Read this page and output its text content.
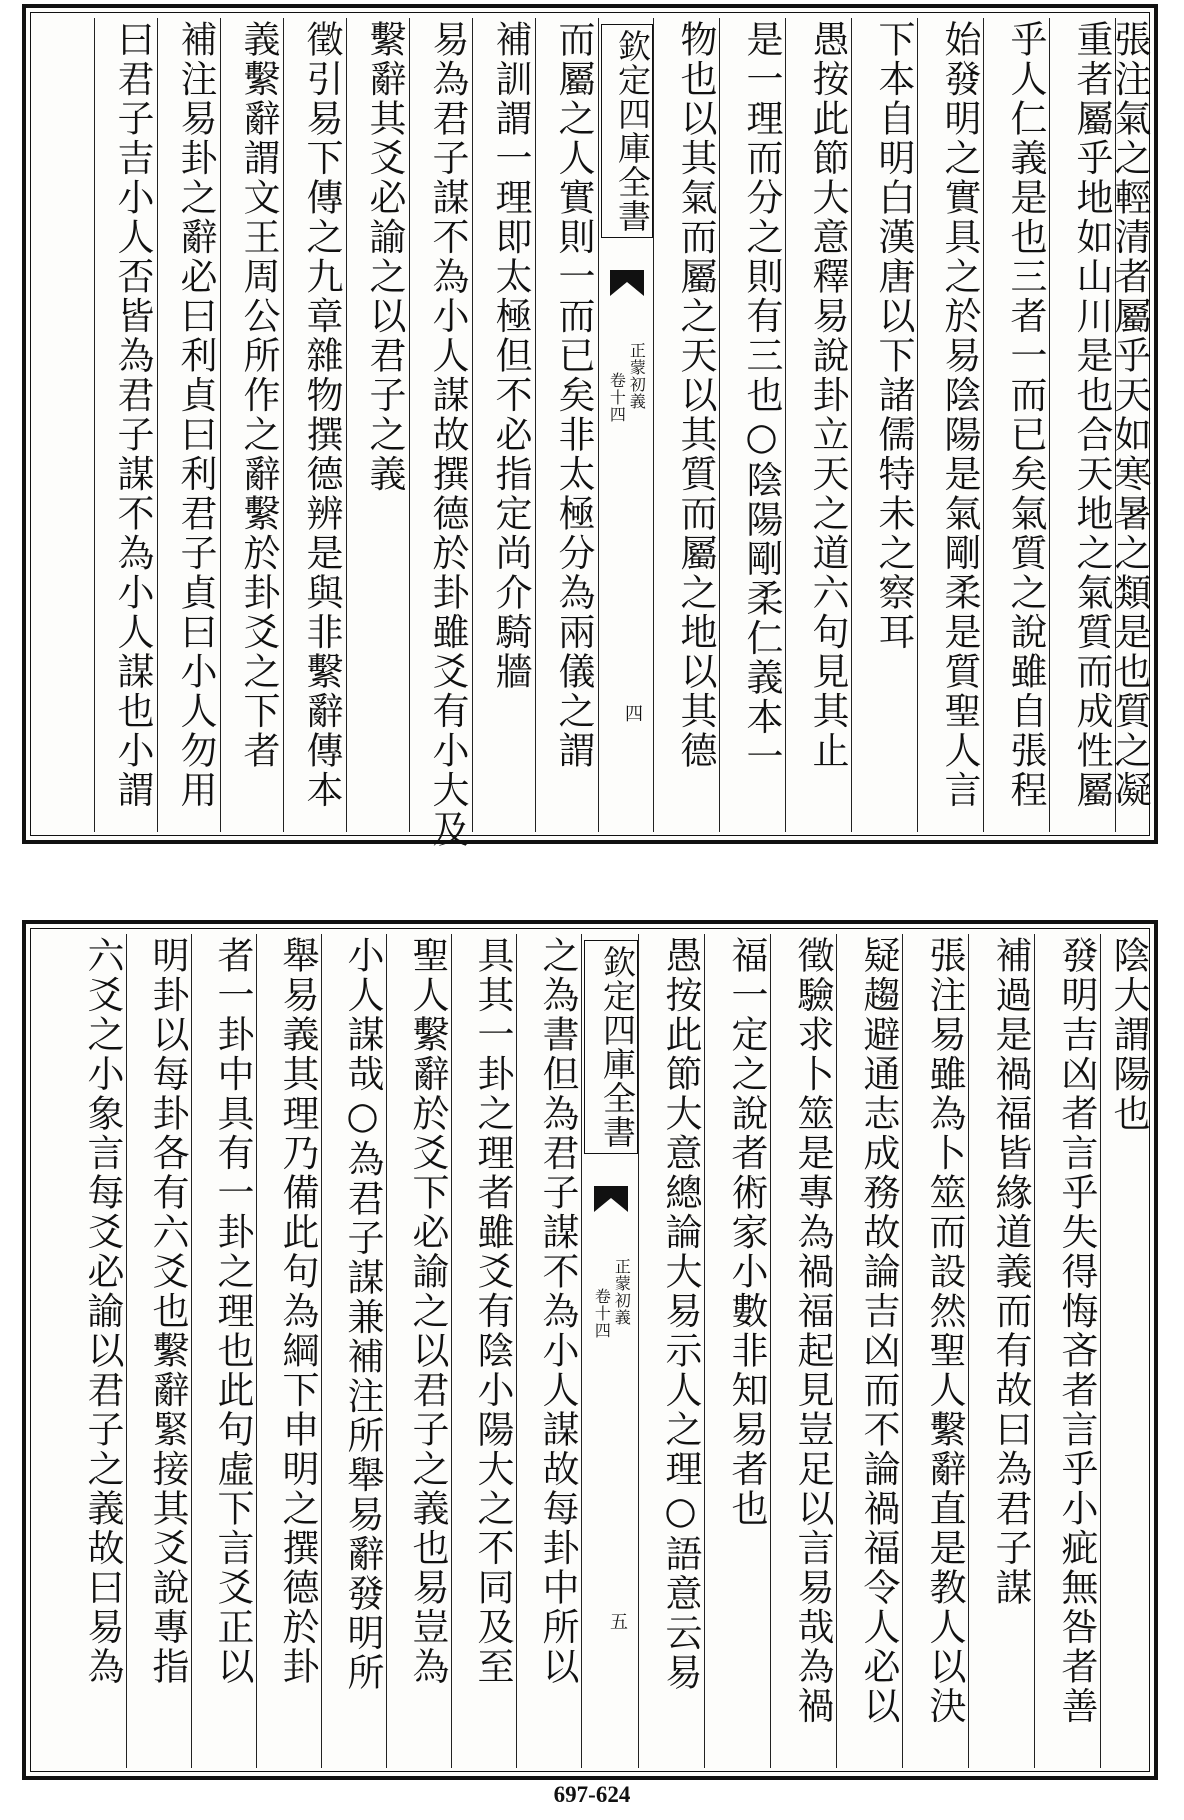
而屬之人實則一而已矣非太極分為兩儀之謂
補訓謂一理即太極但不必指定尚介騎牆
易為君子謀不為小人謀故撰德於卦雖爻有小大及
繫辭其爻必諭之以君子之義
徵引易下傳之九章雜物撰德辨是與非繫辭傳本
義繫辭謂文王周公所作之辭繫於卦爻之下者
補注易卦之辭必曰利貞曰利君子貞曰小人勿用
曰君子吉小人否皆為君子謀不為小人謀也小謂	欽定四庫全書
正蒙初義
卷十四
四	張注氣之輕清者屬乎天如寒暑之類是也質之凝
重者屬乎地如山川是也合天地之氣質而成性屬
乎人仁義是也三者一而已矣氣質之說雖自張程
始發明之實具之於易陰陽是氣剛柔是質聖人言
下本自明白漢唐以下諸儒特未之察耳
愚按此節大意釋易說卦立天之道六句見其止
是一理而分之則有三也○陰陽剛柔仁義本一
物也以其氣而屬之天以其質而屬之地以其德
之為書但為君子謀不為小人謀故每卦中所以
具其一卦之理者雖爻有陰小陽大之不同及至
聖人繫辭於爻下必諭之以君子之義也易豈為
小人謀哉○為君子謀兼補注所舉易辭發明所
舉易義其理乃備此句為綱下申明之撰德於卦
者一卦中具有一卦之理也此句虛下言爻正以
明卦以每卦各有六爻也繫辭緊接其爻說專指
六爻之小象言每爻必諭以君子之義故曰易為	欽定四庫全書
正蒙初義
卷十四
五
陰大謂陽也
發明吉凶者言乎失得悔吝者言乎小疵無咎者善
補過是禍福皆緣道義而有故曰為君子謀
張注易雖為卜筮而設然聖人繫辭直是教人以決
疑趨避通志成務故論吉凶而不論禍福令人必以
徵驗求卜筮是專為禍福起見豈足以言易哉為禍
福一定之說者術家小數非知易者也
愚按此節大意總論大易示人之理○語意云易
697-624
